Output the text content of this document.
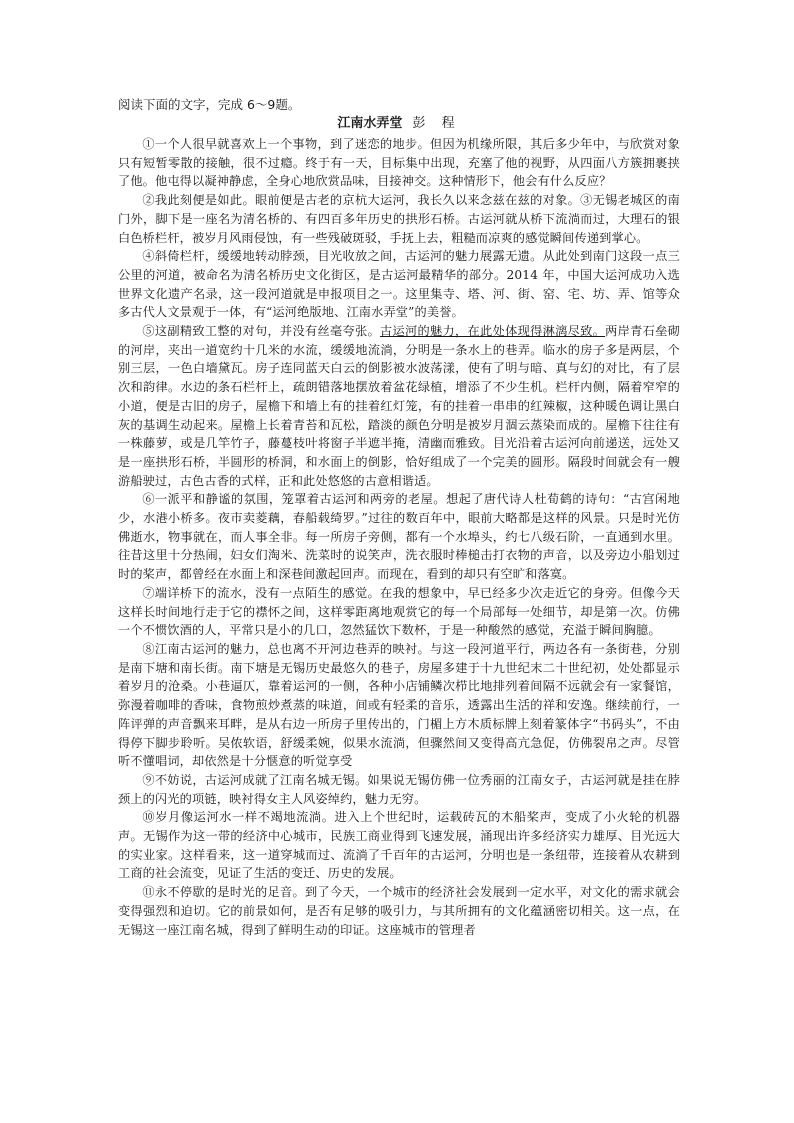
阅读下面的文字，完成 6～9题。

江南水弄堂 彭 程

①一个人很早就喜欢上一个事物，到了迷恋的地步。但因为机缘所限，其后多少年中，与欣赏对象只有短暂零散的接触，很不过瘾。终于有一天，目标集中出现，充塞了他的视野，从四面八方簇拥裹挟了他。他屯得以凝神静虑，全身心地欣赏品味，目接神交。这种情形下，他会有什么反应？

②我此刻便是如此。眼前便是古老的京杭大运河，我长久以来念兹在兹的对象。③无锡老城区的南门外，脚下是一座名为清名桥的、有四百多年历史的拱形石桥。古运河就从桥下流淌而过，大理石的银白色桥栏杆，被岁月风雨侵蚀，有一些残破斑驳，手抚上去，粗糙而凉爽的感觉瞬间传递到掌心。

④斜倚栏杆，缓缓地转动脖颈，目光收放之间，古运河的魅力展露无遗。从此处到南门这段一点三公里的河道，被命名为清名桥历史文化街区，是古运河最精华的部分。2014 年，中国大运河成功入选世界文化遗产名录，这一段河道就是申报项目之一。这里集寺、塔、河、街、窑、宅、坊、弄、馆等众多古代人文景观于一体，有“运河绝版地、江南水弄堂”的美誉。

⑤这副精致工整的对句，并没有丝毫夸张。古运河的魅力，在此处体现得淋漓尽致。两岸青石垒砌的河岸，夹出一道宽约十几米的水流，缓缓地流淌，分明是一条水上的巷弄。临水的房子多是两层，个别三层，一色白墙黛瓦。房子连同蓝天白云的倒影被水波荡漾，使有了明与暗、真与幻的对比，有了层次和韵律。水边的条石栏杆上，疏朗错落地摆放着盆花绿植，增添了不少生机。栏杆内侧，隔着窄窄的小道，便是古旧的房子，屋檐下和墙上有的挂着红灯笼，有的挂着一串串的红辣椒，这种暖色调让黑白灰的基调生动起来。屋檐上长着青苔和瓦松，踏淡的颜色分明是被岁月涸云蒸染而成的。屋檐下往往有一株藤萝，或是几竿竹子，藤蔓枝叶将窗子半遮半掩，清幽而雅致。目光沿着古运河向前递送，远处又是一座拱形石桥，半圆形的桥洞，和水面上的倒影，恰好组成了一个完美的圆形。隔段时间就会有一艘游船驶过，古色古香的式样，正和此处悠悠的古意相谐适。

⑥一派平和静谧的氛围，笼罩着古运河和两旁的老屋。想起了唐代诗人杜荀鹤的诗句：“古宫闲地少，水港小桥多。夜市卖菱藕，春船载绮罗。”过往的数百年中，眼前大略都是这样的风景。只是时光仿佛逝水，物事就在，而人事全非。每一所房子旁侧，都有一个水埠头，约七八级石阶，一直通到水里。往昔这里十分热闹，妇女们淘米、洗菜时的说笑声，洗衣服时棒槌击打衣物的声音，以及旁边小船划过时的桨声，都曾经在水面上和深巷间激起回声。而现在，看到的却只有空旷和落寞。

⑦端详桥下的流水，没有一点陌生的感觉。在我的想象中，早已经多少次走近它的身旁。但像今天这样长时间地行走于它的襟怀之间，这样零距离地观赏它的每一个局部每一处细节，却是第一次。仿佛一个不惯饮酒的人，平常只是小的几口，忽然猛饮下数杯，于是一种酸然的感觉，充溢于瞬间胸臆。

⑧江南古运河的魅力，总也离不开河边巷弄的映衬。与这一段河道平行，两边各有一条街巷，分别是南下塘和南长街。南下塘是无锡历史最悠久的巷子，房屋多建于十九世纪末二十世纪初，处处都显示着岁月的沧桑。小巷逼仄，靠着运河的一侧，各种小店铺鳞次栉比地排列着间隔不远就会有一家餐馆，弥漫着咖啡的香味，食物煎炒煮蒸的味道，间或有轻柔的音乐，透露出生活的祥和安逸。继续前行，一阵评弹的声音飘来耳畔，是从右边一所房子里传出的，门楣上方木质标牌上刻着篆体字“书码头”，不由得停下脚步聆听。吴侬软语，舒缓柔婉，似果水流淌，但骤然间又变得高亢急促，仿佛裂帛之声。尽管听不懂唱词，却依然是十分惬意的听觉享受

⑨不妨说，古运河成就了江南名城无锡。如果说无锡仿佛一位秀丽的江南女子，古运河就是挂在脖颈上的闪光的项链，映衬得女主人风姿绰约，魅力无穷。

⑩岁月像运河水一样不竭地流淌。进入上个世纪时，运载砖瓦的木船桨声，变成了小火轮的机器声。无锡作为这一带的经济中心城市，民族工商业得到飞速发展，涌现出许多经济实力雄厚、目光远大的实业家。这样看来，这一道穿城而过、流淌了千百年的古运河，分明也是一条纽带，连接着从农耕到工商的社会流变，见证了生活的变迁、历史的发展。

⑪永不停歇的是时光的足音。到了今天，一个城市的经济社会发展到一定水平，对文化的需求就会变得强烈和迫切。它的前景如何，是否有足够的吸引力，与其所拥有的文化蕴涵密切相关。这一点，在无锡这一座江南名城，得到了鲜明生动的印证。这座城市的管理者
